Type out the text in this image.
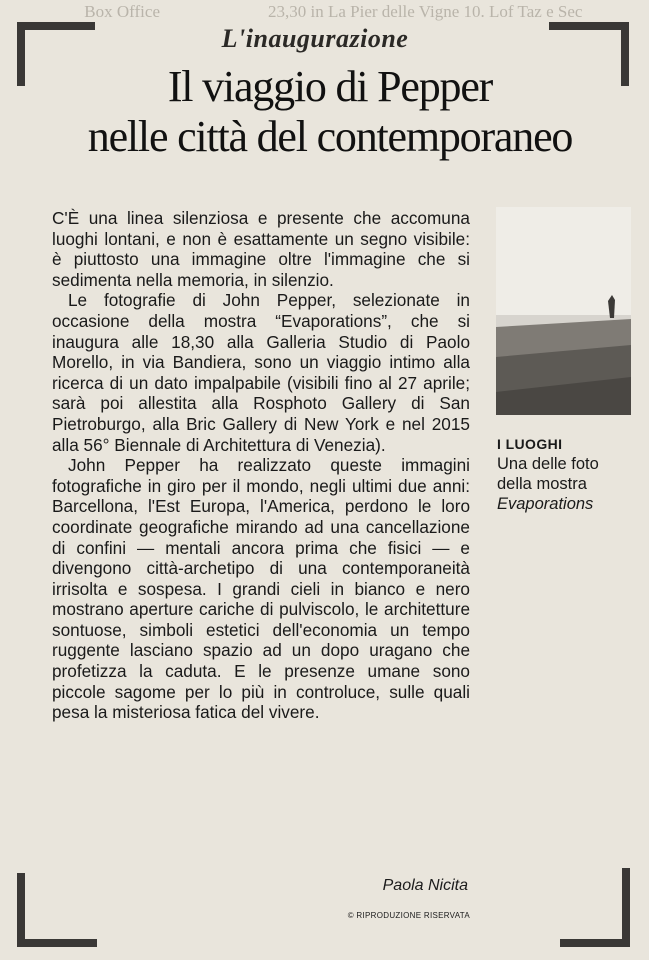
Box Office	23,30 in La Pier delle Vigne 10. Lof Taz e Sec
L'inaugurazione
Il viaggio di Pepper
nelle città del contemporaneo

C'È una linea silenziosa e presente che accomuna luoghi lontani, e non è esattamente un segno visibile: è piuttosto una immagine oltre l'immagine che si sedimenta nella memoria, in silenzio.

Le fotografie di John Pepper, selezionate in occasione della mostra “Evaporations”, che si inaugura alle 18,30 alla Galleria Studio di Paolo Morello, in via Bandiera, sono un viaggio intimo alla ricerca di un dato impalpabile (visibili fino al 27 aprile; sarà poi allestita alla Rosphoto Gallery di San Pietroburgo, alla Bric Gallery di New York e nel 2015 alla 56° Biennale di Architettura di Venezia).

John Pepper ha realizzato queste immagini fotografiche in giro per il mondo, negli ultimi due anni: Barcellona, l'Est Europa, l'America, perdono le loro coordinate geografiche mirando ad una cancellazione di confini — mentali ancora prima che fisici — e divengono città-archetipo di una contemporaneità irrisolta e sospesa. I grandi cieli in bianco e nero mostrano aperture cariche di pulviscolo, le architetture sontuose, simboli estetici dell'economia un tempo ruggente lasciano spazio ad un dopo uragano che profetizza la caduta. E le presenze umane sono piccole sagome per lo più in controluce, sulle quali pesa la misteriosa fatica del vivere.

I LUOGHI
Una delle foto della mostra
Evaporations
Paola Nicita
© RIPRODUZIONE RISERVATA
